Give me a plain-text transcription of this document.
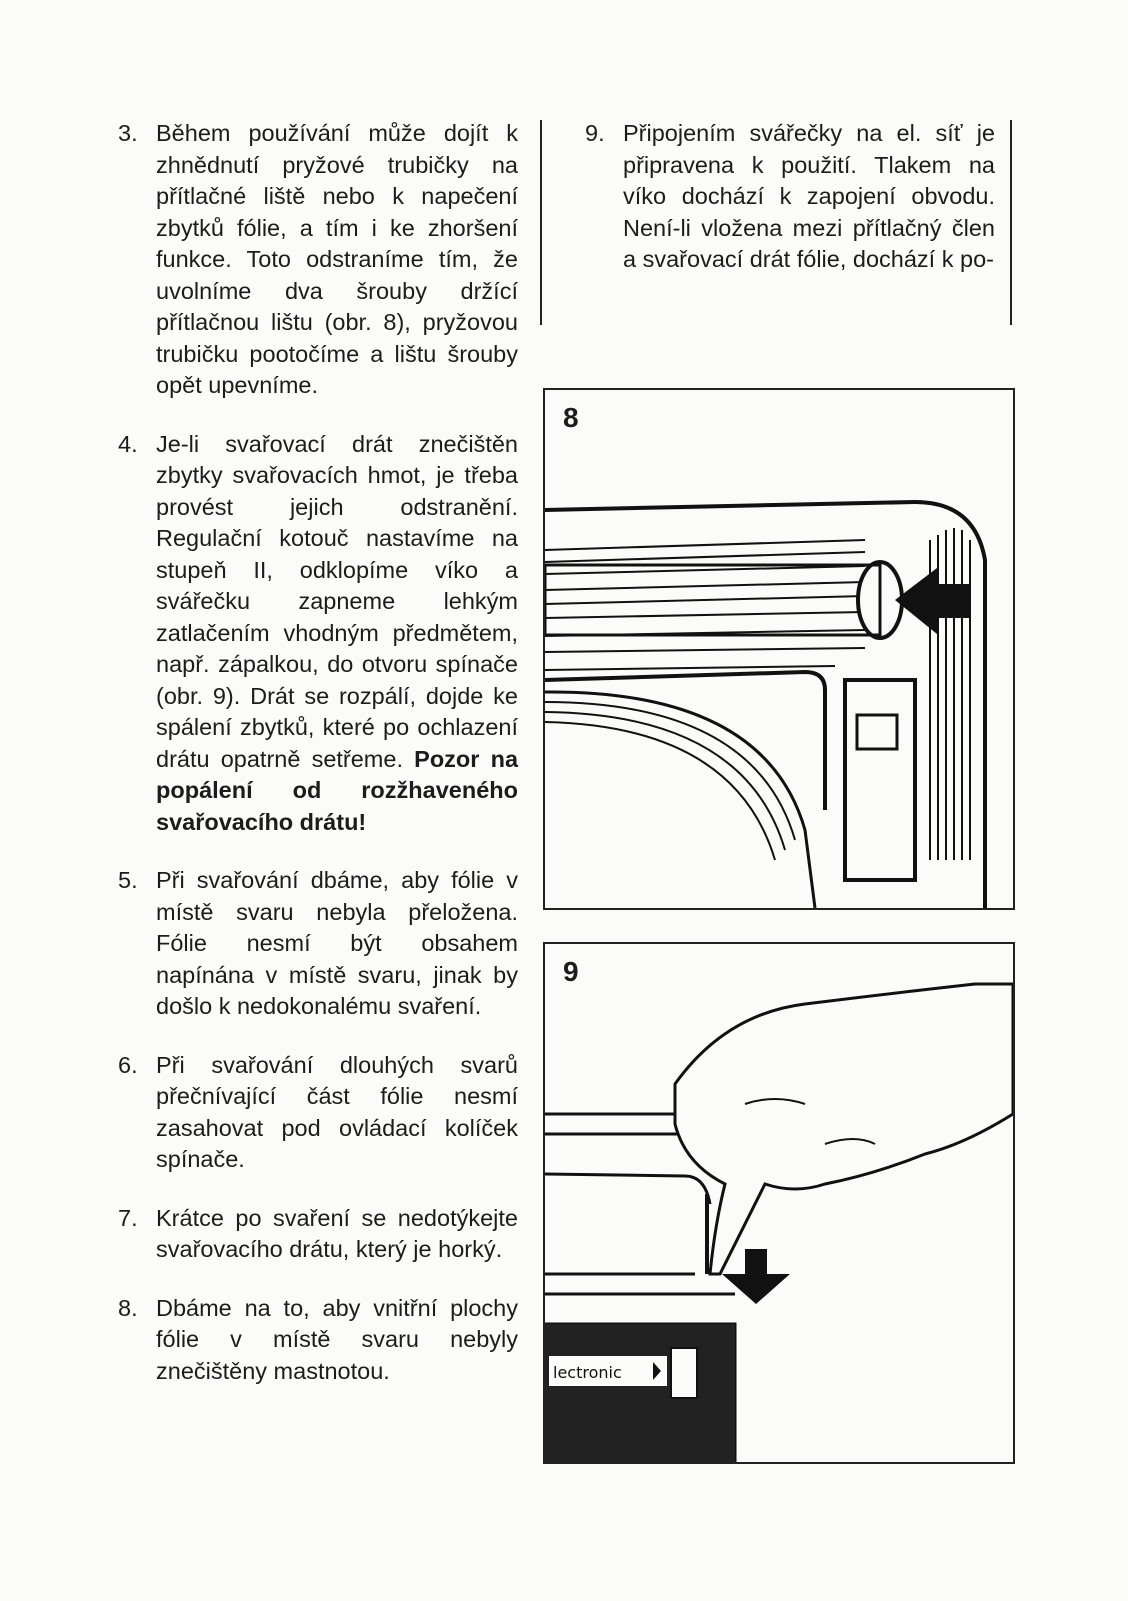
3. Během používání může dojít k zhnědnutí pryžové trubičky na přítlačné liště nebo k napečení zbytků fólie, a tím i ke zhoršení funkce. Toto odstraníme tím, že uvolníme dva šrouby držící přítlačnou lištu (obr. 8), pryžovou trubičku pootočíme a lištu šrouby opět upevníme.
4. Je-li svařovací drát znečištěn zbytky svařovacích hmot, je třeba provést jejich odstranění. Regulační kotouč nastavíme na stupeň II, odklopíme víko a svářečku zapneme lehkým zatlačením vhodným předmětem, např. zápalkou, do otvoru spínače (obr. 9). Drát se rozpálí, dojde ke spálení zbytků, které po ochlazení drátu opatrně setřeme. Pozor na popálení od rozžhaveného svařovacího drátu!
5. Při svařování dbáme, aby fólie v místě svaru nebyla přeložena. Fólie nesmí být obsahem napínána v místě svaru, jinak by došlo k nedokonalému svaření.
6. Při svařování dlouhých svarů přečnívající část fólie nesmí zasahovat pod ovládací kolíček spínače.
7. Krátce po svaření se nedotýkejte svařovacího drátu, který je horký.
8. Dbáme na to, aby vnitřní plochy fólie v místě svaru nebyly znečištěny mastnotou.
9. Připojením svářečky na el. síť je připravena k použití. Tlakem na víko dochází k zapojení obvodu. Není-li vložena mezi přítlačný člen a svařovací drát fólie, dochází k po-
8
9
lectronic
